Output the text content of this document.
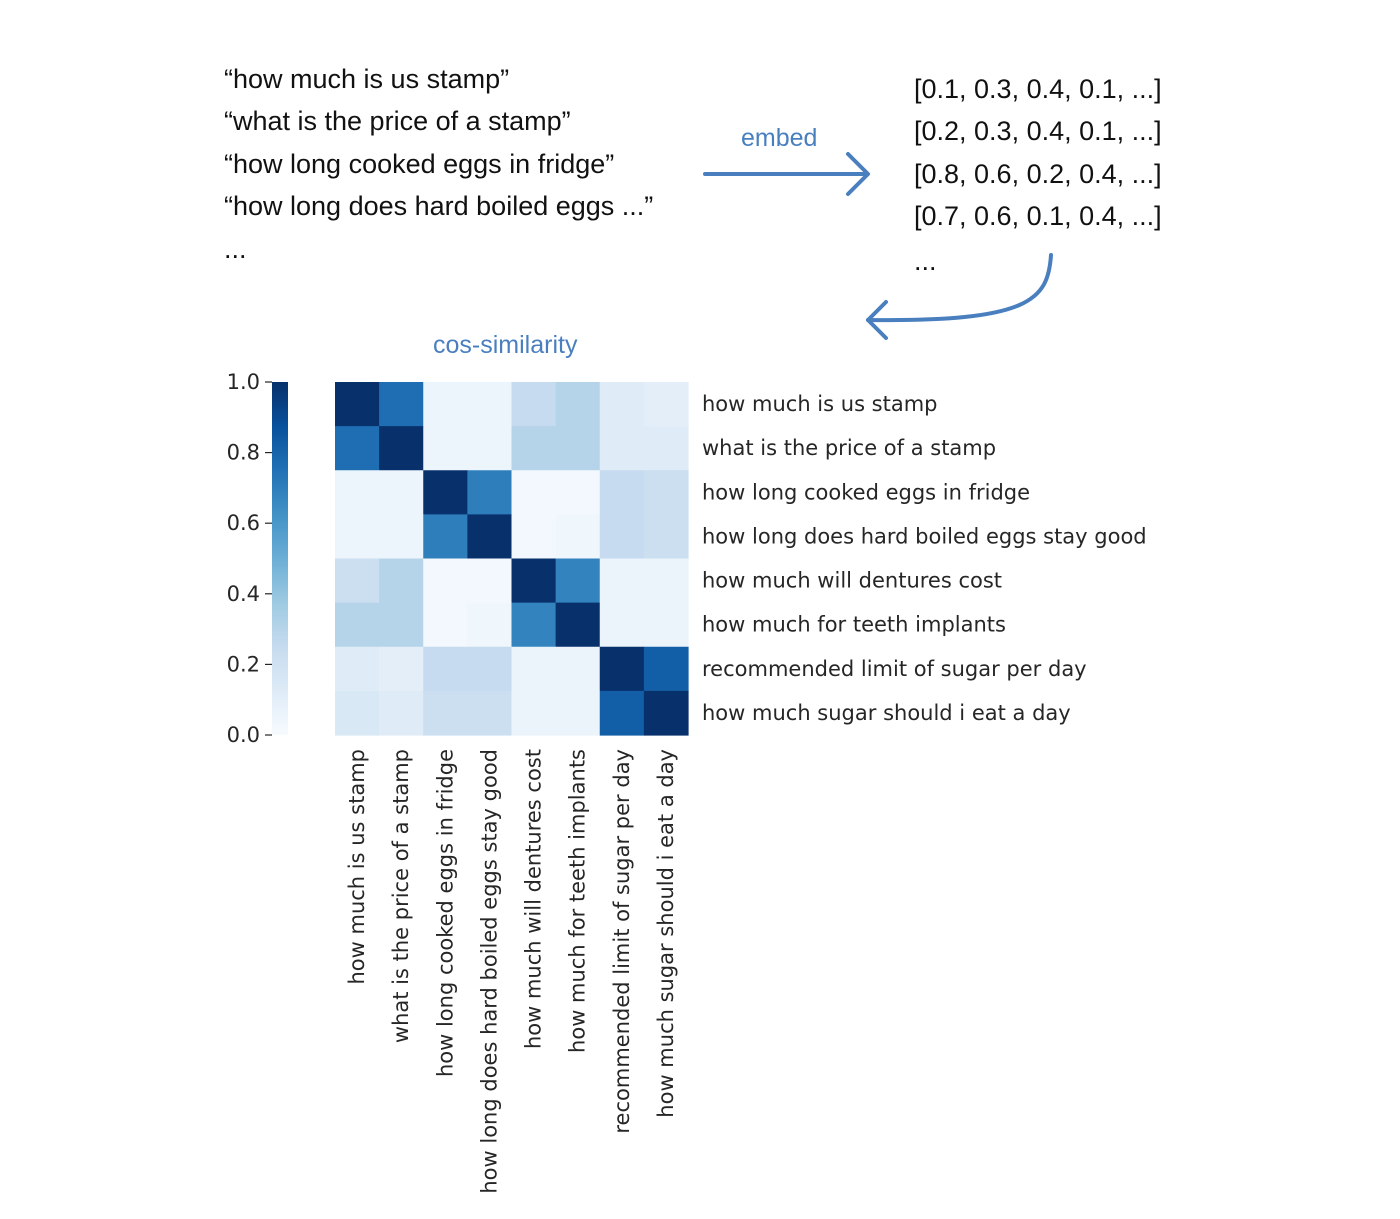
“how much is us stamp”
“what is the price of a stamp”
“how long cooked eggs in fridge”
“how long does hard boiled eggs ...”
...
embed
[0.1, 0.3, 0.4, 0.1, ...]
[0.2, 0.3, 0.4, 0.1, ...]
[0.8, 0.6, 0.2, 0.4, ...]
[0.7, 0.6, 0.1, 0.4, ...]
...
cos-similarity
how much is us stamp
what is the price of a stamp
how long cooked eggs in fridge
how long does hard boiled eggs stay good
how much will dentures cost
how much for teeth implants
recommended limit of sugar per day
how much sugar should i eat a day
how much is us stamp what is the price of a stamp how long cooked eggs in fridge how long does hard boiled eggs stay good how much will dentures cost how much for teeth implants recommended limit of sugar per day how much sugar should i eat a day
0.0
0.2
0.4
0.6
0.8
1.0
